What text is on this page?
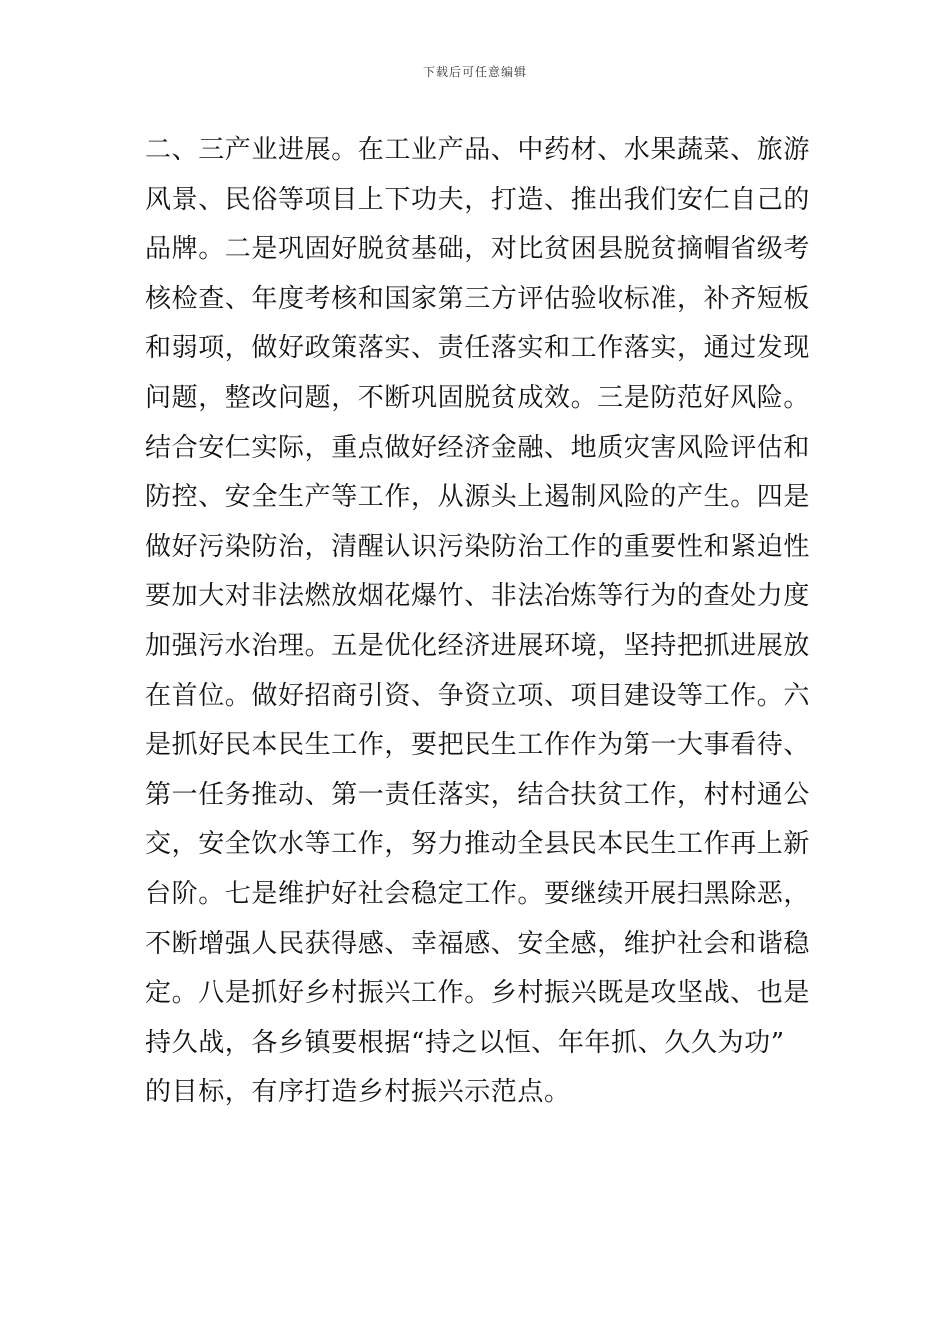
下载后可任意编辑
二、三产业进展。在工业产品、中药材、水果蔬菜、旅游
风景、民俗等项目上下功夫，打造、推出我们安仁自己的
品牌。二是巩固好脱贫基础，对比贫困县脱贫摘帽省级考
核检查、年度考核和国家第三方评估验收标准，补齐短板
和弱项，做好政策落实、责任落实和工作落实，通过发现
问题，整改问题，不断巩固脱贫成效。三是防范好风险。
结合安仁实际，重点做好经济金融、地质灾害风险评估和
防控、安全生产等工作，从源头上遏制风险的产生。四是
做好污染防治，清醒认识污染防治工作的重要性和紧迫性
要加大对非法燃放烟花爆竹、非法冶炼等行为的查处力度
加强污水治理。五是优化经济进展环境，坚持把抓进展放
在首位。做好招商引资、争资立项、项目建设等工作。六
是抓好民本民生工作，要把民生工作作为第一大事看待、
第一任务推动、第一责任落实，结合扶贫工作，村村通公
交，安全饮水等工作，努力推动全县民本民生工作再上新
台阶。七是维护好社会稳定工作。要继续开展扫黑除恶，
不断增强人民获得感、幸福感、安全感，维护社会和谐稳
定。八是抓好乡村振兴工作。乡村振兴既是攻坚战、也是
持久战，各乡镇要根据“持之以恒、年年抓、久久为功”
的目标，有序打造乡村振兴示范点。
